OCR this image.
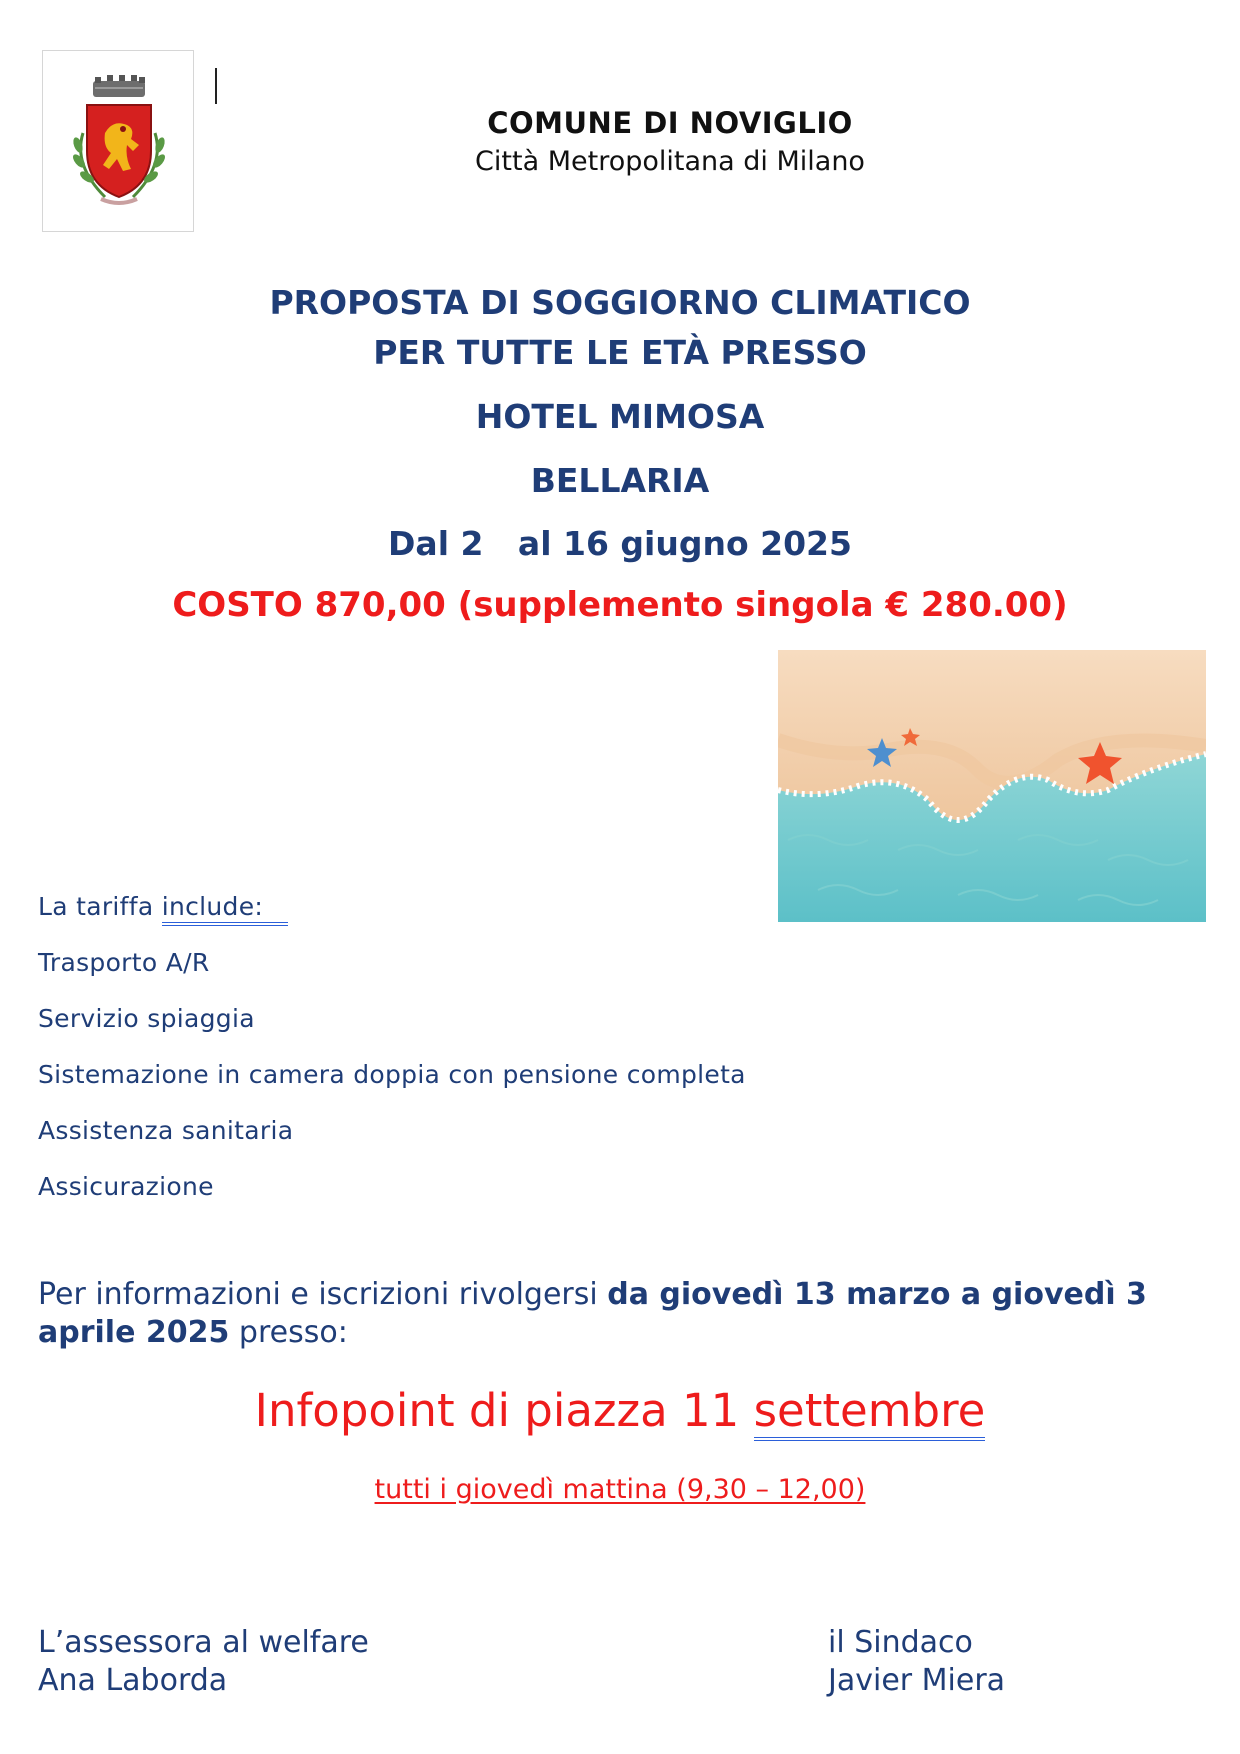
COMUNE DI NOVIGLIO
Città Metropolitana di Milano
PROPOSTA DI SOGGIORNO CLIMATICO
PER TUTTE LE ETÀ PRESSO
HOTEL MIMOSA
BELLARIA
Dal 2   al 16 giugno 2025
COSTO 870,00 (supplemento singola € 280.00)
La tariffa include:
Trasporto A/R
Servizio spiaggia
Sistemazione in camera doppia con pensione completa
Assistenza sanitaria
Assicurazione
Per informazioni e iscrizioni rivolgersi da giovedì 13 marzo a giovedì 3 aprile 2025 presso:
Infopoint di piazza 11 settembre
tutti i giovedì mattina (9,30 – 12,00)
L’assessora al welfare
Ana Laborda
il Sindaco
Javier Miera
